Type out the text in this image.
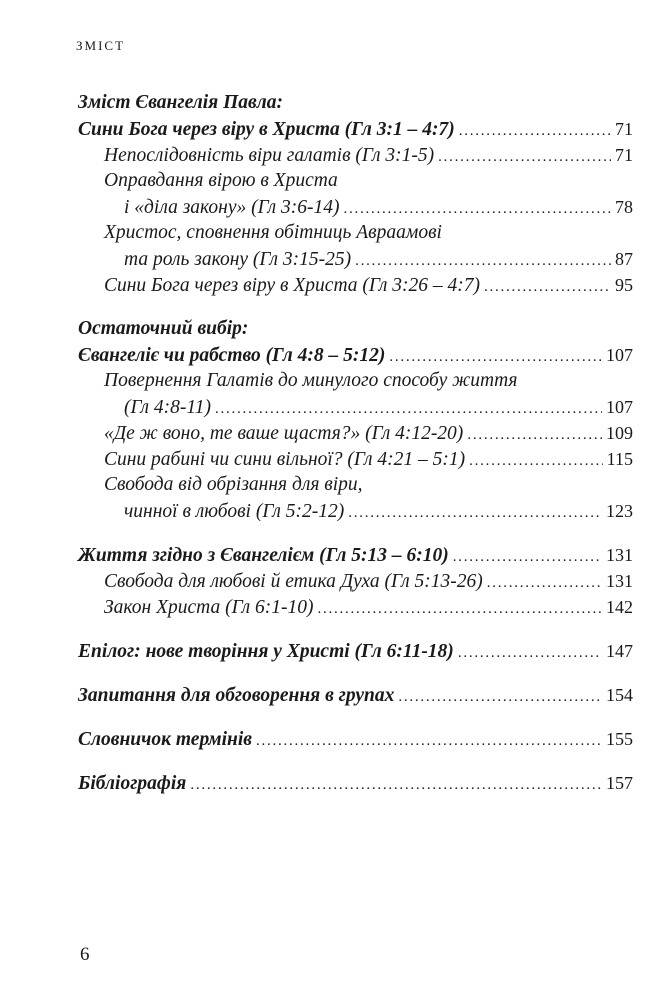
ЗМІСТ
Зміст Євангелія Павла:
Сини Бога через віру в Христа (Гл 3:1 – 4:7) . . .	71
Непослідовність віри галатів (Гл 3:1-5) . . .	71
Оправдання вірою в Христа
і «діла закону» (Гл 3:6-14) . . .	78
Христос, сповнення обітниць Авраамові
та роль закону (Гл 3:15-25) . . .	87
Сини Бога через віру в Христа (Гл 3:26 – 4:7) . . .	95
Остаточний вибір:
Євангеліє чи рабство (Гл 4:8 – 5:12) . . .	107
Повернення Галатів до минулого способу життя
(Гл 4:8-11) . . .	107
«Де ж воно, те ваше щастя?» (Гл 4:12-20) . . .	109
Сини рабині чи сини вільної? (Гл 4:21 – 5:1) . . .	115
Свобода від обрізання для віри,
чинної в любові (Гл 5:2-12) . . .	123
Життя згідно з Євангелієм (Гл 5:13 – 6:10) . . .	131
Свобода для любові й етика Духа (Гл 5:13-26) . . .	131
Закон Христа (Гл 6:1-10) . . .	142
Епілог: нове творіння у Христі (Гл 6:11-18) . . .	147
Запитання для обговорення в групах . . .	154
Словничок термінів . . .	155
Бібліографія . . .	157
6
